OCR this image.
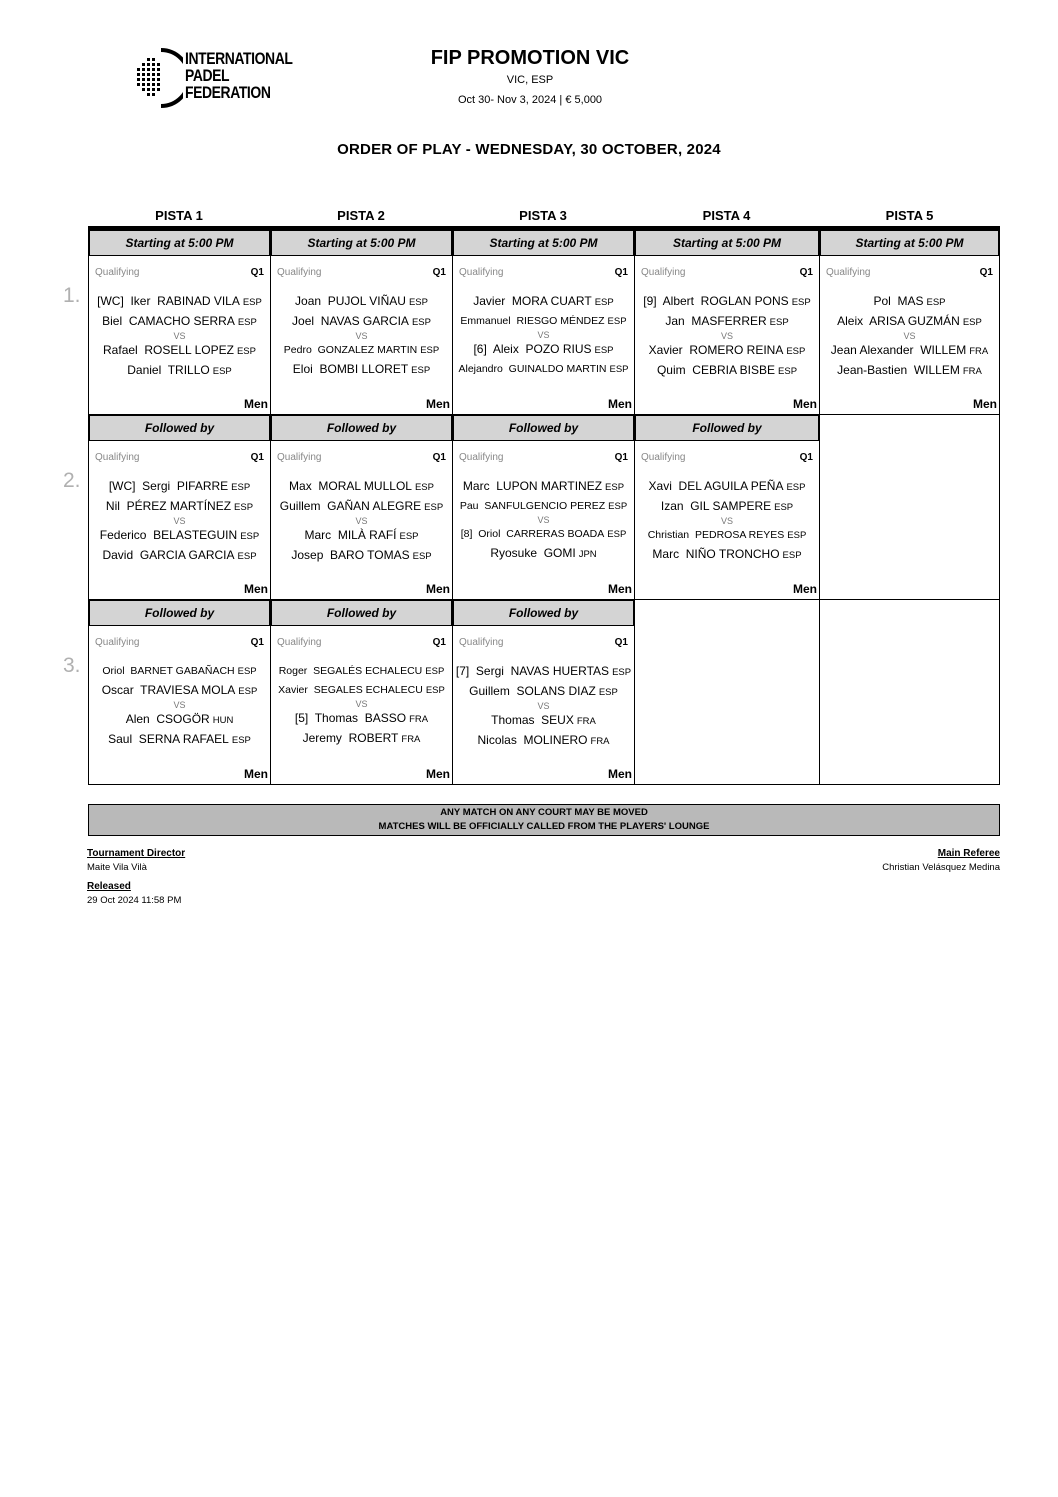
INTERNATIONAL
PADEL
FEDERATION
FIP PROMOTION VIC
VIC, ESP
Oct 30- Nov 3, 2024 | € 5,000
ORDER OF PLAY - WEDNESDAY, 30 OCTOBER, 2024
PISTA 1	PISTA 2	PISTA 3	PISTA 4	PISTA 5
1.
Starting at 5:00 PM
Qualifying	Q1
[WC]  Iker  RABINAD VILA ESP
Biel  CAMACHO SERRA ESP
VS
Rafael  ROSELL LOPEZ ESP
Daniel  TRILLO ESP
Men
Starting at 5:00 PM
Qualifying	Q1
Joan  PUJOL VIÑAU ESP
Joel  NAVAS GARCIA ESP
VS
Pedro  GONZALEZ MARTIN ESP
Eloi  BOMBI LLORET ESP
Men
Starting at 5:00 PM
Qualifying	Q1
Javier  MORA CUART ESP
Emmanuel  RIESGO MÉNDEZ ESP
VS
[6]  Aleix  POZO RIUS ESP
Alejandro  GUINALDO MARTIN ESP
Men
Starting at 5:00 PM
Qualifying	Q1
[9]  Albert  ROGLAN PONS ESP
Jan  MASFERRER ESP
VS
Xavier  ROMERO REINA ESP
Quim  CEBRIA BISBE ESP
Men
Starting at 5:00 PM
Qualifying	Q1
Pol  MAS ESP
Aleix  ARISA GUZMÁN ESP
VS
Jean Alexander  WILLEM FRA
Jean-Bastien  WILLEM FRA
Men
2.
Followed by
Qualifying	Q1
[WC]  Sergi  PIFARRE ESP
Nil  PÉREZ MARTÍNEZ ESP
VS
Federico  BELASTEGUIN ESP
David  GARCIA GARCIA ESP
Men
Followed by
Qualifying	Q1
Max  MORAL MULLOL ESP
Guillem  GAÑAN ALEGRE ESP
VS
Marc  MILÀ RAFÍ ESP
Josep  BARO TOMAS ESP
Men
Followed by
Qualifying	Q1
Marc  LUPON MARTINEZ ESP
Pau  SANFULGENCIO PEREZ ESP
VS
[8]  Oriol  CARRERAS BOADA ESP
Ryosuke  GOMI JPN
Men
Followed by
Qualifying	Q1
Xavi  DEL AGUILA PEÑA ESP
Izan  GIL SAMPERE ESP
VS
Christian  PEDROSA REYES ESP
Marc  NIÑO TRONCHO ESP
Men
3.
Followed by
Qualifying	Q1
Oriol  BARNET GABAÑACH ESP
Oscar  TRAVIESA MOLA ESP
VS
Alen  CSOGÖR HUN
Saul  SERNA RAFAEL ESP
Men
Followed by
Qualifying	Q1
Roger  SEGALÉS ECHALECU ESP
Xavier  SEGALES ECHALECU ESP
VS
[5]  Thomas  BASSO FRA
Jeremy  ROBERT FRA
Men
Followed by
Qualifying	Q1
[7]  Sergi  NAVAS HUERTAS ESP
Guillem  SOLANS DIAZ ESP
VS
Thomas  SEUX FRA
Nicolas  MOLINERO FRA
Men
ANY MATCH ON ANY COURT MAY BE MOVED
MATCHES WILL BE OFFICIALLY CALLED FROM THE PLAYERS' LOUNGE
Tournament Director
Maite Vila Vilà
Main Referee
Christian Velásquez Medina
Released
29 Oct 2024 11:58 PM
